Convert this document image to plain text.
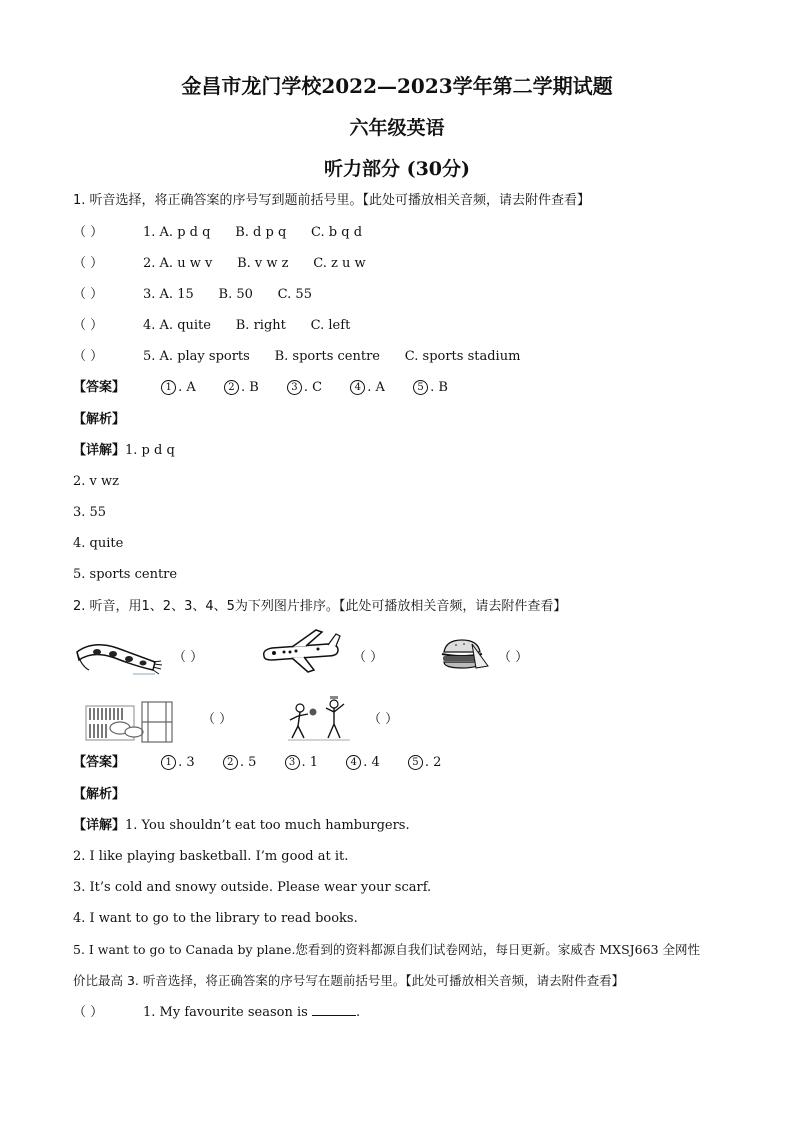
金昌市龙门学校2022—2023学年第二学期试题
六年级英语
听力部分 (30分)
1. 听音选择，将正确答案的序号写到题前括号里。【此处可播放相关音频，请去附件查看】
（ ）	1. A. p d q      B. d p q      C. b q d
（ ）	2. A. u w v      B. v w z      C. z u w
（ ）	3. A. 15      B. 50      C. 55
（ ）	4. A. quite      B. right      C. left
（ ）	5. A. play sports      B. sports centre      C. sports stadium
【答案】	1 . A	2 . B	3 . C	4 . A	5 . B
【解析】
【详解】1. p d q
2. v wz
3. 55
4. quite
5. sports centre
2. 听音，用1、2、3、4、5为下列图片排序。【此处可播放相关音频，请去附件查看】
（ ）	（ ）	（ ）
（ ）	（ ）
【答案】	1 . 3	2 . 5	3 . 1	4 . 4	5 . 2
【解析】
【详解】1. You shouldn’t eat too much hamburgers.
2. I like playing basketball. I’m good at it.
3. It’s cold and snowy outside. Please wear your scarf.
4. I want to go to the library to read books.
5. I want to go to Canada by plane.您看到的资料都源自我们试卷网站，每日更新。家威杏 MXSJ663 全网性
价比最高 3. 听音选择，将正确答案的序号写在题前括号里。【此处可播放相关音频，请去附件查看】
（ ）	1. My favourite season is	.
